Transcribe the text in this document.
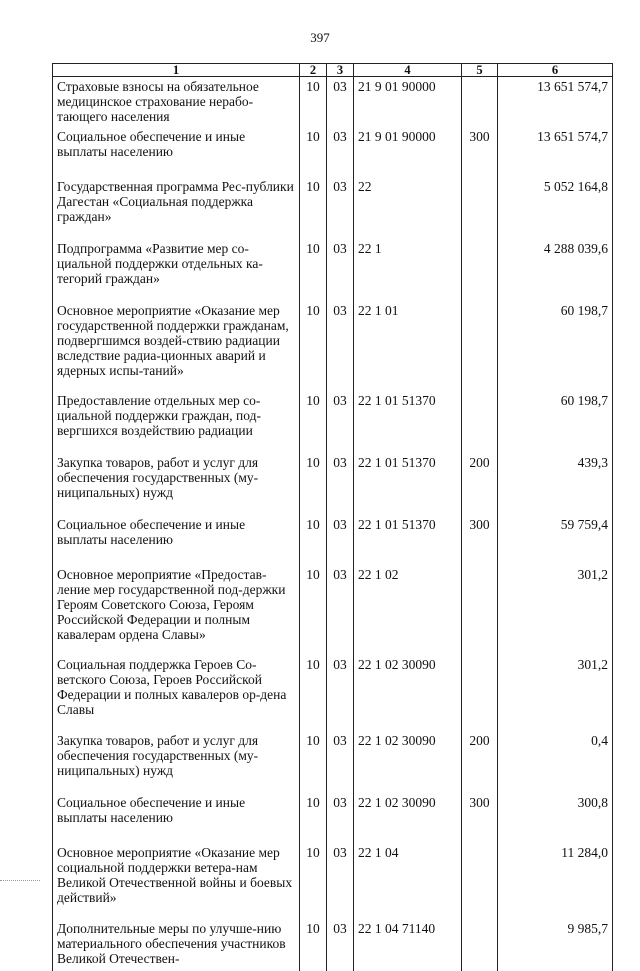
397
1	2	3	4	5	6
Страховые взносы на обязательное медицинское страхование нерабо-тающего населения	10	03	21 9 01 90000		13 651 574,7
Социальное обеспечение и иные выплаты населению	10	03	21 9 01 90000	300	13 651 574,7
Государственная программа Рес-публики Дагестан «Социальная поддержка граждан»	10	03	22		5 052 164,8
Подпрограмма «Развитие мер со-циальной поддержки отдельных ка-тегорий граждан»	10	03	22 1		4 288 039,6
Основное мероприятие «Оказание мер государственной поддержки гражданам, подвергшимся воздей-ствию радиации вследствие радиа-ционных аварий и ядерных испы-таний»	10	03	22 1 01		60 198,7
Предоставление отдельных мер со-циальной поддержки граждан, под-вергшихся воздействию радиации	10	03	22 1 01 51370		60 198,7
Закупка товаров, работ и услуг для обеспечения государственных (му-ниципальных) нужд	10	03	22 1 01 51370	200	439,3
Социальное обеспечение и иные выплаты населению	10	03	22 1 01 51370	300	59 759,4
Основное мероприятие «Предостав-ление мер государственной под-держки Героям Советского Союза, Героям Российской Федерации и полным кавалерам ордена Славы»	10	03	22 1 02		301,2
Социальная поддержка Героев Со-ветского Союза, Героев Российской Федерации и полных кавалеров ор-дена Славы	10	03	22 1 02 30090		301,2
Закупка товаров, работ и услуг для обеспечения государственных (му-ниципальных) нужд	10	03	22 1 02 30090	200	0,4
Социальное обеспечение и иные выплаты населению	10	03	22 1 02 30090	300	300,8
Основное мероприятие «Оказание мер социальной поддержки ветера-нам Великой Отечественной войны и боевых действий»	10	03	22 1 04		11 284,0
Дополнительные меры по улучше-нию материального обеспечения участников Великой Отечествен-	10	03	22 1 04 71140		9 985,7
